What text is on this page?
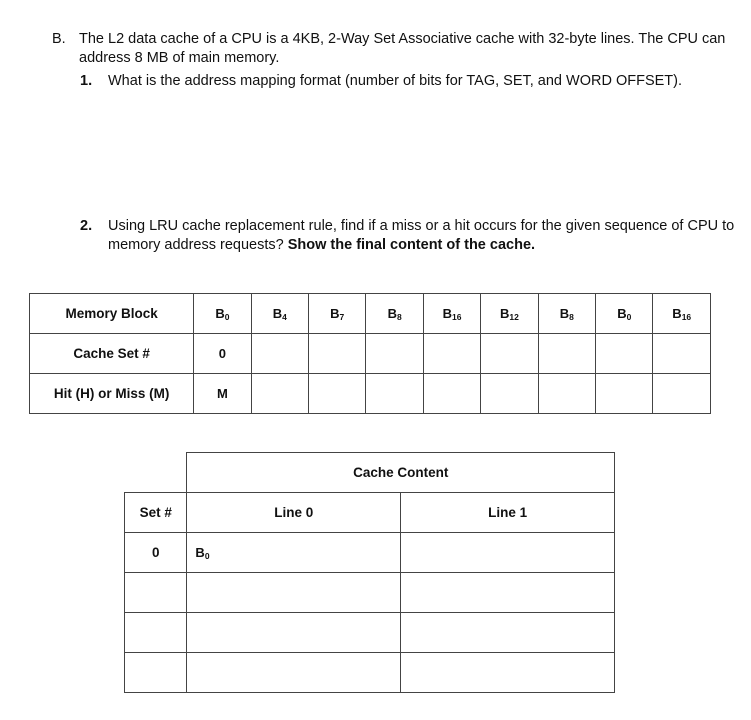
B. The L2 data cache of a CPU is a 4KB, 2-Way Set Associative cache with 32-byte lines. The CPU can address 8 MB of main memory.
1. What is the address mapping format (number of bits for TAG, SET, and WORD OFFSET).
2. Using LRU cache replacement rule, find if a miss or a hit occurs for the given sequence of CPU to memory address requests? Show the final content of the cache.
Memory Block	$B_0$	$B_4$	$B_7$	$B_8$	$B_{16}$	$B_{12}$	$B_8$	$B_0$	$B_{16}$
Cache Set #	0								
Hit (H) or Miss (M)	M								
	Cache Content	
Set #	Line 0	Line 1
0	$B_0$	
